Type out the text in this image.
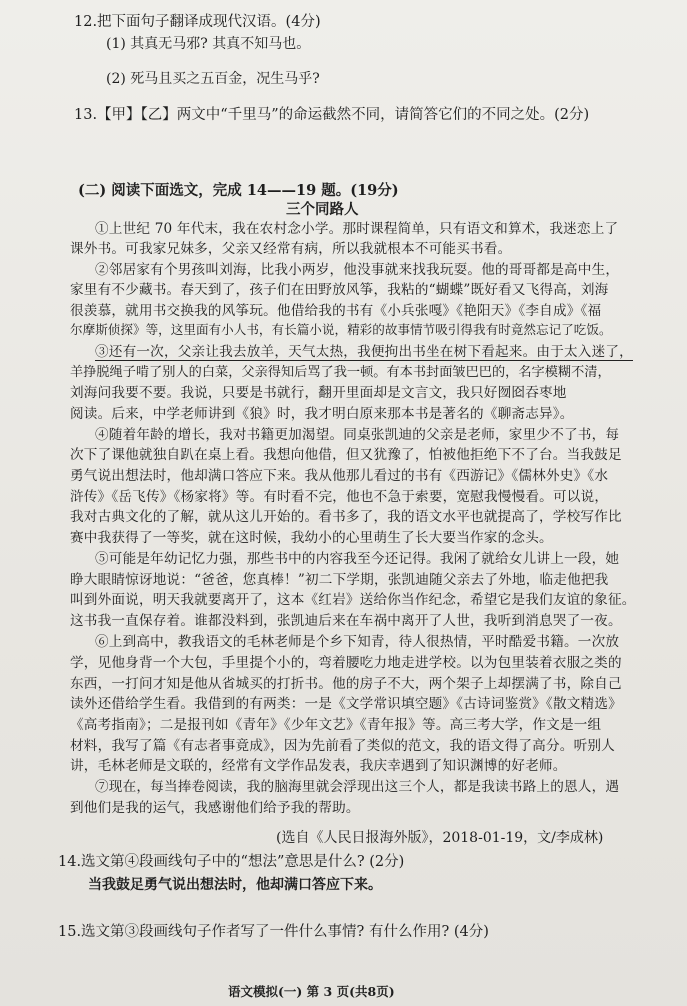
12.把下面句子翻译成现代汉语。(4分)
(1) 其真无马邪? 其真不知马也。
(2) 死马且买之五百金，况生马乎?
13.【甲】【乙】两文中“千里马”的命运截然不同，请简答它们的不同之处。(2分)
(二) 阅读下面选文，完成 14——19 题。(19分)
三个同路人
①上世纪 70 年代末，我在农村念小学。那时课程简单，只有语文和算术，我迷恋上了
课外书。可我家兄妹多，父亲又经常有病，所以我就根本不可能买书看。
②邻居家有个男孩叫刘海，比我小两岁，他没事就来找我玩耍。他的哥哥都是高中生，
家里有不少藏书。春天到了，孩子们在田野放风筝，我粘的“蝴蝶”既好看又飞得高，刘海
很羡慕，就用书交换我的风筝玩。他借给我的书有《小兵张嘎》《艳阳天》《李自成》《福
尔摩斯侦探》等，这里面有小人书，有长篇小说，精彩的故事情节吸引得我有时竟然忘记了吃饭。
③还有一次，父亲让我去放羊，天气太热，我便拘出书坐在树下看起来。由于太入迷了，
羊挣脱绳子啃了别人的白菜，父亲得知后骂了我一顿。有本书封面皱巴巴的，名字模糊不清，
刘海问我要不要。我说，只要是书就行，翻开里面却是文言文，我只好囫囵吞枣地
阅读。后来，中学老师讲到《狼》时，我才明白原来那本书是著名的《聊斋志异》。
④随着年龄的增长，我对书籍更加渴望。同桌张凯迪的父亲是老师，家里少不了书，每
次下了课他就独自趴在桌上看。我想向他借，但又犹豫了，怕被他拒绝下不了台。当我鼓足
勇气说出想法时，他却满口答应下来。我从他那儿看过的书有《西游记》《儒林外史》《水
浒传》《岳飞传》《杨家将》等。有时看不完，他也不急于索要，宽慰我慢慢看。可以说，
我对古典文化的了解，就从这儿开始的。看书多了，我的语文水平也就提高了，学校写作比
赛中我获得了一等奖，就在这时候，我幼小的心里萌生了长大要当作家的念头。
⑤可能是年幼记忆力强，那些书中的内容我至今还记得。我闲了就给女儿讲上一段，她
睁大眼睛惊讶地说：“爸爸，您真棒！”初二下学期，张凯迪随父亲去了外地，临走他把我
叫到外面说，明天我就要离开了，这本《红岩》送给你当作纪念，希望它是我们友谊的象征。
这书我一直保存着。谁都没料到，张凯迪后来在车祸中离开了人世，我听到消息哭了一夜。
⑥上到高中，教我语文的毛林老师是个乡下知青，待人很热情，平时酷爱书籍。一次放
学，见他身背一个大包，手里提个小的，弯着腰吃力地走进学校。以为包里装着衣服之类的
东西，一打问才知是他从省城买的打折书。他的房子不大，两个架子上却摆满了书，除自己
读外还借给学生看。我借到的有两类：一是《文学常识填空题》《古诗词鉴赏》《散文精选》
《高考指南》；二是报刊如《青年》《少年文艺》《青年报》等。高三考大学，作文是一组
材料，我写了篇《有志者事竟成》，因为先前看了类似的范文，我的语文得了高分。听别人
讲，毛林老师是文联的，经常有文学作品发表，我庆幸遇到了知识渊博的好老师。
⑦现在，每当捧卷阅读，我的脑海里就会浮现出这三个人，都是我读书路上的恩人，遇
到他们是我的运气，我感谢他们给予我的帮助。
(选自《人民日报海外版》，2018-01-19，文/李成林)
14.选文第④段画线句子中的“想法”意思是什么? (2分)
当我鼓足勇气说出想法时，他却满口答应下来。
15.选文第③段画线句子作者写了一件什么事情? 有什么作用? (4分)
语文模拟(一) 第 3 页(共8页)
